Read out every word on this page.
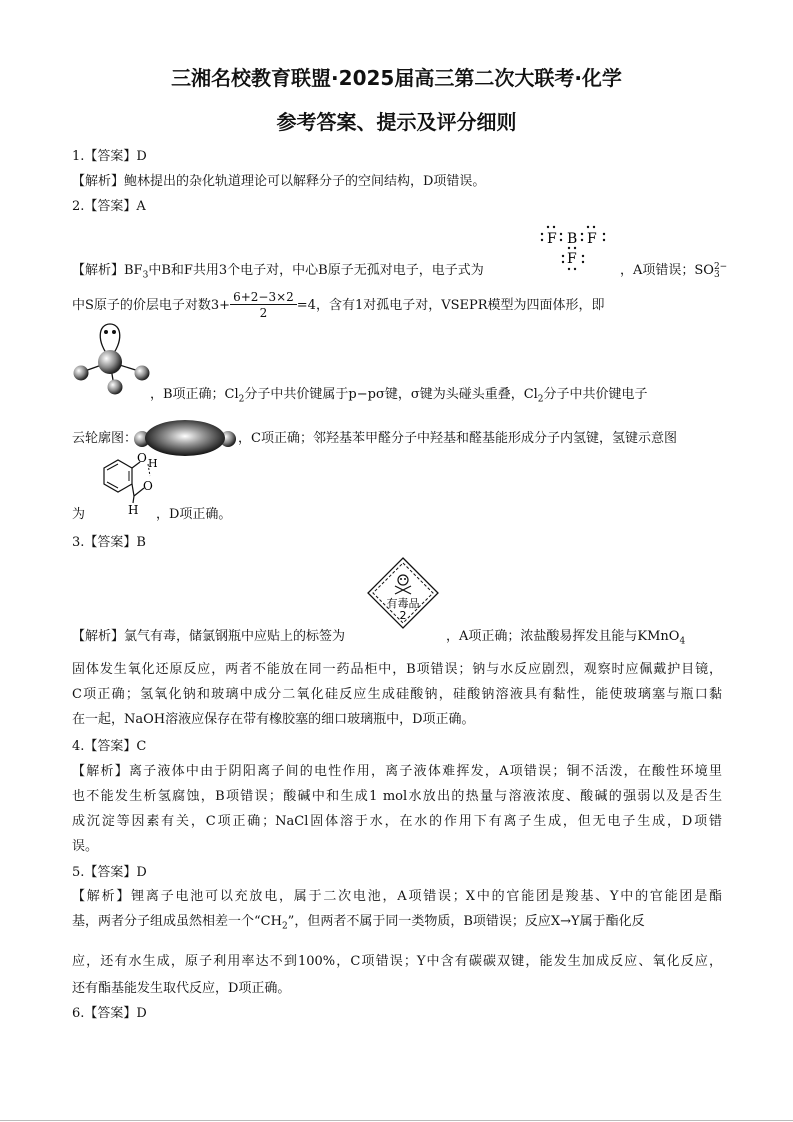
三湘名校教育联盟·2025届高三第二次大联考·化学
参考答案、提示及评分细则
1.【答案】D
【解析】鲍林提出的杂化轨道理论可以解释分子的空间结构，D项错误。
2.【答案】A
F B F
F
【解析】$BF_3$中B和F共用3个电子对，中心B原子无孤对电子，电子式为	，A项错误；SO 2−
3
中S原子的价层电子对数$3+ \frac{6+2-3\times 2}{2} =4$，含有1对孤电子对，VSEPR模型为四面体形，即
，B项正确；$Cl_2$分子中共价键属于p−pσ键，σ键为头碰头重叠，$Cl_2$分子中共价键电子
云轮廓图：	，C项正确；邻羟基苯甲醛分子中羟基和醛基能形成分子内氢键，氢键示意图
O H
O
H
为	，D项正确。
3.【答案】B
有毒品
2
【解析】氯气有毒，储氯钢瓶中应贴上的标签为	，A项正确；浓盐酸易挥发且能与KMnO$_4$
固体发生氧化还原反应，两者不能放在同一药品柜中，B项错误；钠与水反应剧烈，观察时应佩戴护目镜，
C项正确；氢氧化钠和玻璃中成分二氧化硅反应生成硅酸钠，硅酸钠溶液具有黏性，能使玻璃塞与瓶口黏
在一起，NaOH溶液应保存在带有橡胶塞的细口玻璃瓶中，D项正确。
4.【答案】C
【解析】离子液体中由于阴阳离子间的电性作用，离子液体难挥发，A项错误；铜不活泼，在酸性环境里
也不能发生析氢腐蚀，B项错误；酸碱中和生成1 mol水放出的热量与溶液浓度、酸碱的强弱以及是否生
成沉淀等因素有关，C项正确；NaCl固体溶于水，在水的作用下有离子生成，但无电子生成，D项错
误。
5.【答案】D
【解析】锂离子电池可以充放电，属于二次电池，A项错误；X中的官能团是羧基、Y中的官能团是酯
基，两者分子组成虽然相差一个“$CH_2$”，但两者不属于同一类物质，B项错误；反应X→Y属于酯化反
应，还有水生成，原子利用率达不到100%，C项错误；Y中含有碳碳双键，能发生加成反应、氧化反应，
还有酯基能发生取代反应，D项正确。
6.【答案】D
